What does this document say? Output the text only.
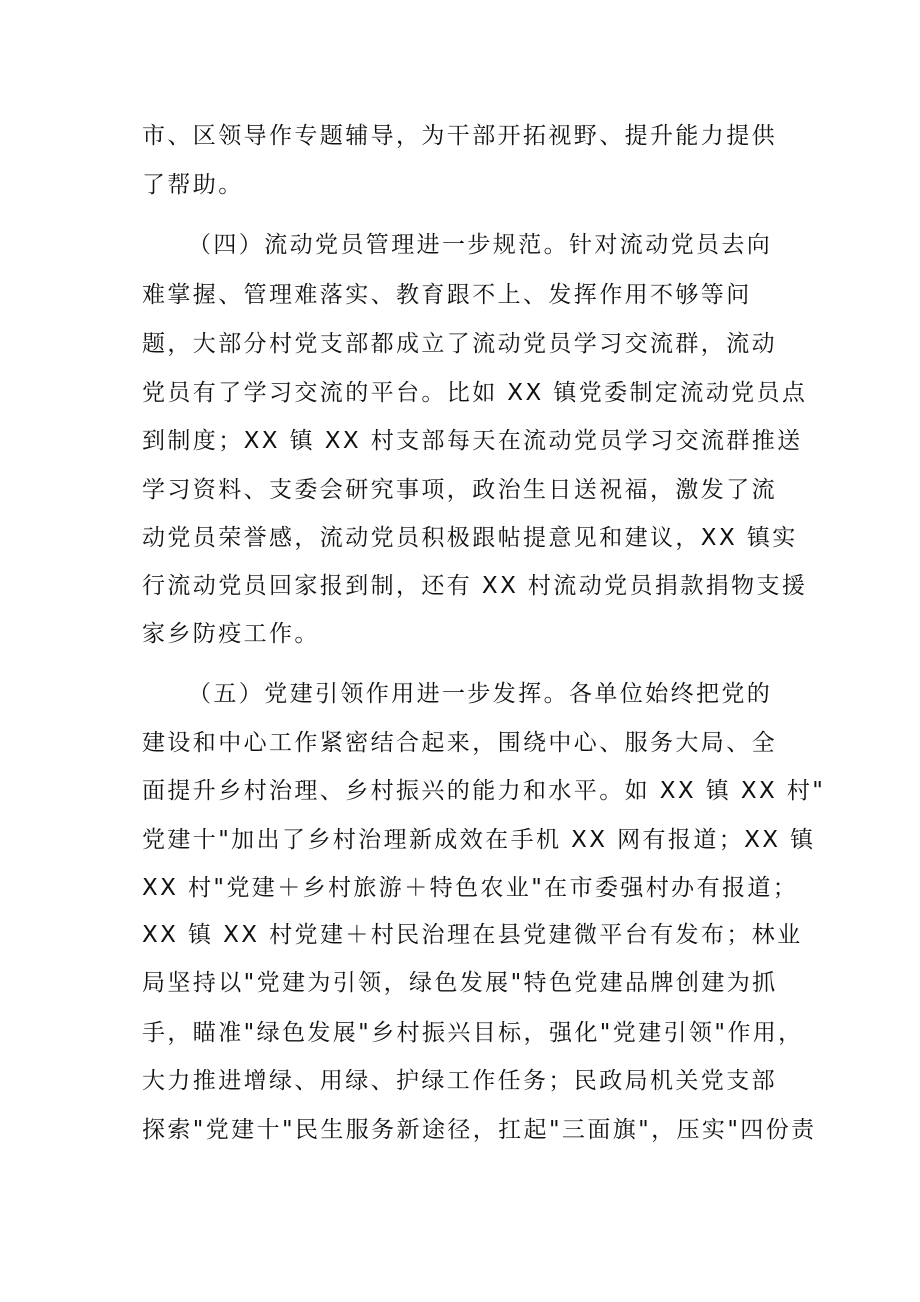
市、区领导作专题辅导，为干部开拓视野、提升能力提供
了帮助。
（四）流动党员管理进一步规范。针对流动党员去向
难掌握、管理难落实、教育跟不上、发挥作用不够等问
题，大部分村党支部都成立了流动党员学习交流群，流动
党员有了学习交流的平台。比如 XX 镇党委制定流动党员点
到制度；XX 镇 XX 村支部每天在流动党员学习交流群推送
学习资料、支委会研究事项，政治生日送祝福，激发了流
动党员荣誉感，流动党员积极跟帖提意见和建议，XX 镇实
行流动党员回家报到制，还有 XX 村流动党员捐款捐物支援
家乡防疫工作。
（五）党建引领作用进一步发挥。各单位始终把党的
建设和中心工作紧密结合起来，围绕中心、服务大局、全
面提升乡村治理、乡村振兴的能力和水平。如 XX 镇 XX 村"
党建十"加出了乡村治理新成效在手机 XX 网有报道；XX 镇
XX 村"党建＋乡村旅游＋特色农业"在市委强村办有报道；
XX 镇 XX 村党建＋村民治理在县党建微平台有发布；林业
局坚持以"党建为引领，绿色发展"特色党建品牌创建为抓
手，瞄准"绿色发展"乡村振兴目标，强化"党建引领"作用，
大力推进增绿、用绿、护绿工作任务；民政局机关党支部
探索"党建十"民生服务新途径，扛起"三面旗"，压实"四份责
